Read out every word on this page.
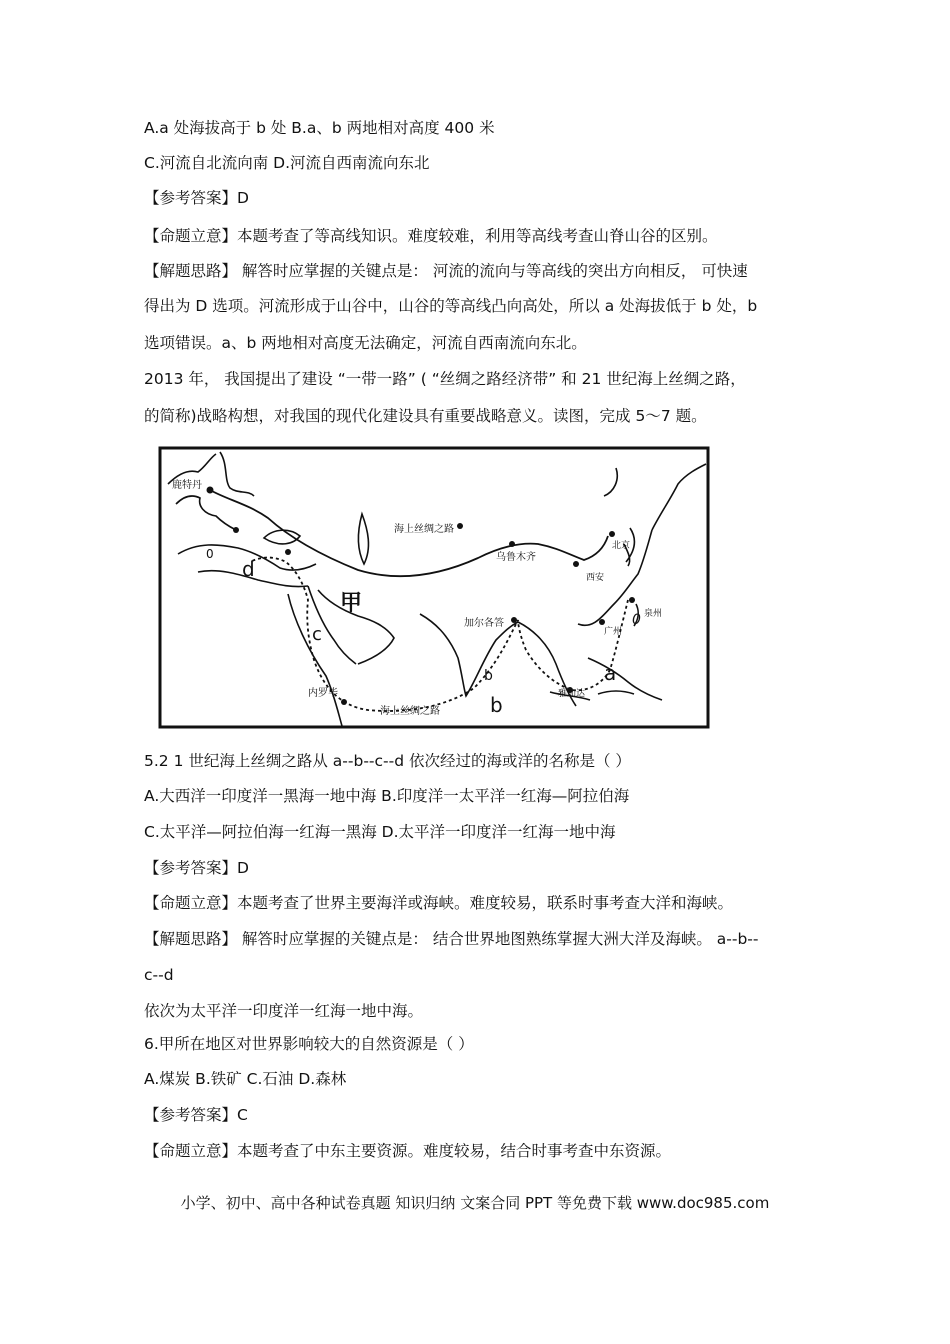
A.a 处海拔高于 b 处 B.a、b 两地相对高度 400 米
C.河流自北流向南 D.河流自西南流向东北
【参考答案】D
【命题立意】本题考查了等高线知识。难度较难，利用等高线考查山脊山谷的区别。
【解题思路】 解答时应掌握的关键点是： 河流的流向与等高线的突出方向相反， 可快速
得出为 D 选项。河流形成于山谷中，山谷的等高线凸向高处，所以 a 处海拔低于 b 处，b
选项错误。a、b 两地相对高度无法确定，河流自西南流向东北。
2013 年， 我国提出了建设 “一带一路” ( “丝绸之路经济带” 和 21 世纪海上丝绸之路，
的简称)战略构想，对我国的现代化建设具有重要战略意义。读图，完成 5～7 题。
鹿特丹
海上丝绸之路
乌鲁木齐
北京
西安
广州
泉州
加尔各答
内罗毕
海上丝绸之路
雅加达
甲
a
b
b
c
d
0
0
5.2 1 世纪海上丝绸之路从 a--b--c--d 依次经过的海或洋的名称是（ ）
A.大西洋一印度洋一黑海一地中海 B.印度洋一太平洋一红海—阿拉伯海
C.太平洋—阿拉伯海一红海一黑海 D.太平洋一印度洋一红海一地中海
【参考答案】D
【命题立意】本题考查了世界主要海洋或海峡。难度较易，联系时事考查大洋和海峡。
【解题思路】 解答时应掌握的关键点是： 结合世界地图熟练掌握大洲大洋及海峡。 a--b--
c--d
依次为太平洋一印度洋一红海一地中海。
6.甲所在地区对世界影响较大的自然资源是（ ）
A.煤炭 B.铁矿 C.石油 D.森林
【参考答案】C
【命题立意】本题考查了中东主要资源。难度较易，结合时事考查中东资源。
小学、初中、高中各种试卷真题 知识归纳 文案合同 PPT 等免费下载 www.doc985.com
